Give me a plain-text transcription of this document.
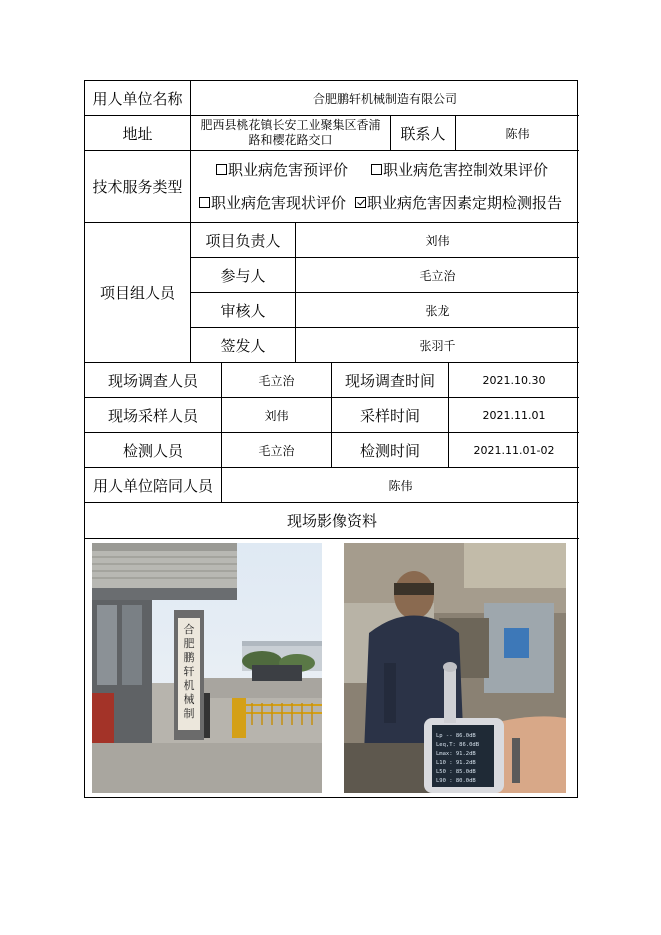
用人单位名称	合肥鹏轩机械制造有限公司
地址	肥西县桃花镇长安工业聚集区香浦路和樱花路交口	联系人	陈伟
技术服务类型
职业病危害预评价 职业病危害控制效果评价
职业病危害现状评价 职业病危害因素定期检测报告
项目组人员
项目负责人	刘伟
参与人	毛立治
审核人	张龙
签发人	张羽千
现场调查人员	毛立治	现场调查时间	2021.10.30
现场采样人员	刘伟	采样时间	2021.11.01
检测人员	毛立治	检测时间	2021.11.01-02
用人单位陪同人员	陈伟
现场影像资料
合
肥
鹏
轩
机
械
制
Lp -- 86.0dB
Leq,T: 86.0dB
Lmax: 91.2dB
L10 : 91.2dB
L50 : 85.0dB
L90 : 80.0dB
